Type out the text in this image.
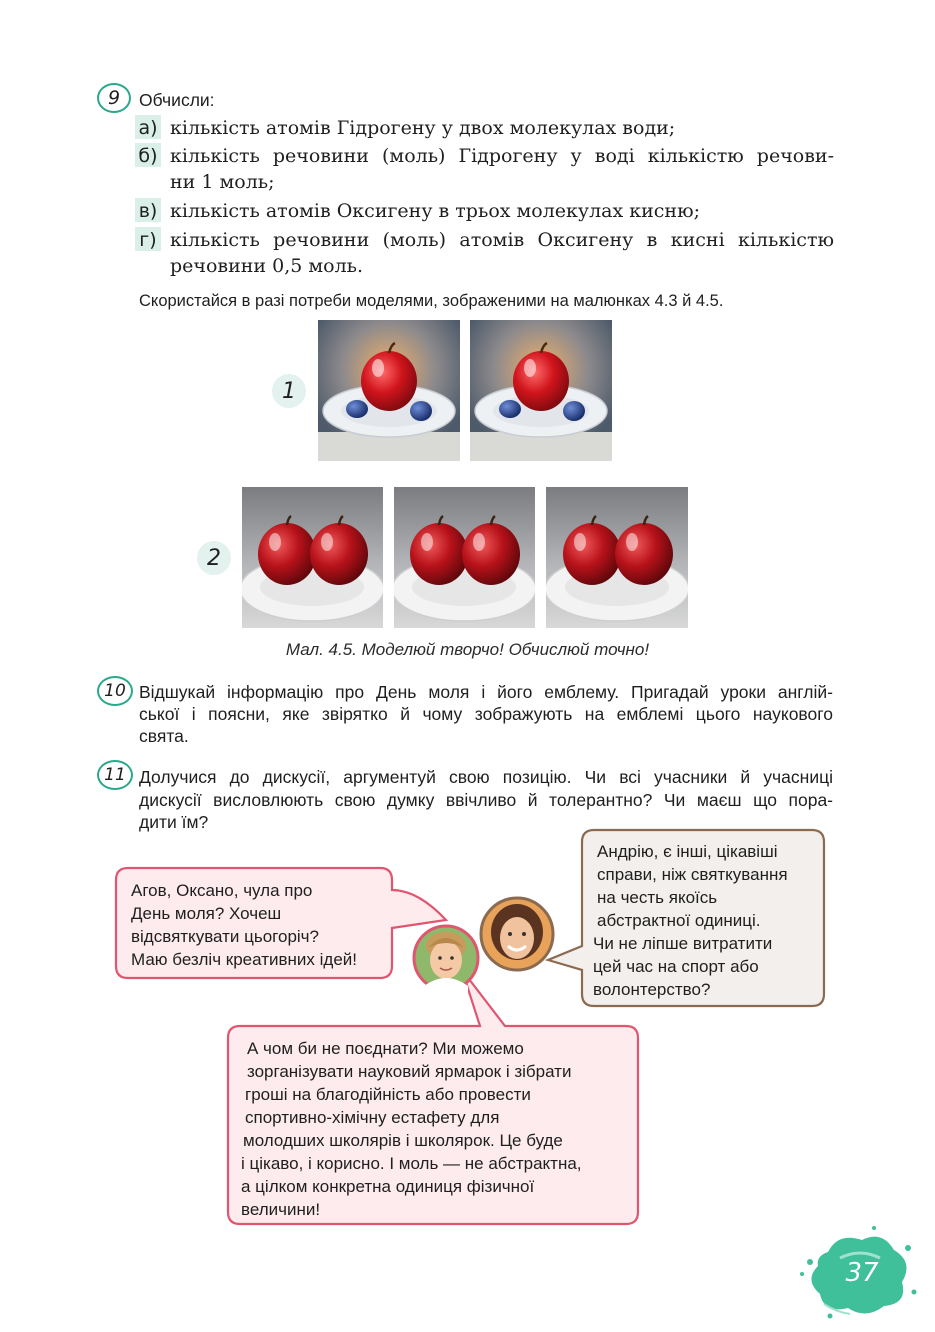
9	Обчисли:
а) кількість атомів Гідрогену у двох молекулах води;
б) кількість речовини (моль) Гідрогену у воді кількістю речови-
ни 1 моль;
в) кількість атомів Оксигену в трьох молекулах кисню;
г) кількість речовини (моль) атомів Оксигену в кисні кількістю
речовини 0,5 моль.
Скористайся в разі потреби моделями, зображеними на малюнках 4.3 й 4.5.
1
2
Мал. 4.5. Моделюй творчо! Обчислюй точно!
10 Відшукай інформацію про День моля і його емблему. Пригадай уроки англій-
ської і поясни, яке звірятко й чому зображують на емблемі цього наукового
свята.
11 Долучися до дискусії, аргументуй свою позицію. Чи всі учасники й учасниці
дискусії висловлюють свою думку ввічливо й толерантно? Чи маєш що пора-
дити їм?
Агов, Оксано, чула про
День моля? Хочеш
відсвяткувати цьогоріч?
Маю безліч креативних ідей!
Андрію, є інші, цікавіші
справи, ніж святкування
на честь якоїсь
абстрактної одиниці.
Чи не ліпше витратити
цей час на спорт або
волонтерство?
А чом би не поєднати? Ми можемо
зорганізувати науковий ярмарок і зібрати
гроші на благодійність або провести
спортивно-хімічну естафету для
молодших школярів і школярок. Це буде
і цікаво, і корисно. І моль — не абстрактна,
а цілком конкретна одиниця фізичної
величини!
37
